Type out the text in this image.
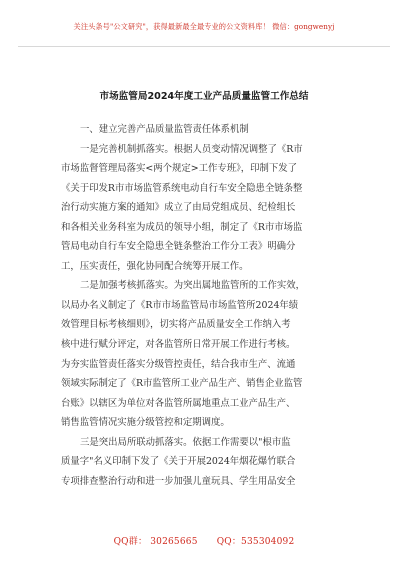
关注头条号"公文研究"，获得最新最全最专业的公文资料库！ 微信：gongwenyj
市场监管局2024年度工业产品质量监管工作总结
一、建立完善产品质量监管责任体系机制
一是完善机制抓落实。根据人员变动情况调整了《R市
市场监督管理局落实<两个规定>工作专班》，印制下发了
《关于印发R市市场监管系统电动自行车安全隐患全链条整
治行动实施方案的通知》成立了由局党组成员、纪检组长
和各相关业务科室为成员的领导小组，制定了《R市市场监
管局电动自行车安全隐患全链条整治工作分工表》明确分
工，压实责任，强化协同配合统筹开展工作。
二是加强考核抓落实。为突出属地监管所的工作实效，
以局办名义制定了《R市市场监管局市场监管所2024年绩
效管理目标考核细则》，切实将产品质量安全工作纳入考
核中进行赋分评定，对各监管所日常开展工作进行考核。
为夯实监管责任落实分级管控责任，结合我市生产、流通
领域实际制定了《R市监管所工业产品生产、销售企业监管
台账》以辖区为单位对各监管所属地重点工业产品生产、
销售监管情况实施分级管控和定期调度。
三是突出局所联动抓落实。依据工作需要以"根市监
质量字"名义印制下发了《关于开展2024年烟花爆竹联合
专项排查整治行动和进一步加强儿童玩具、学生用品安全
QQ群： 30265665 QQ：535304092
